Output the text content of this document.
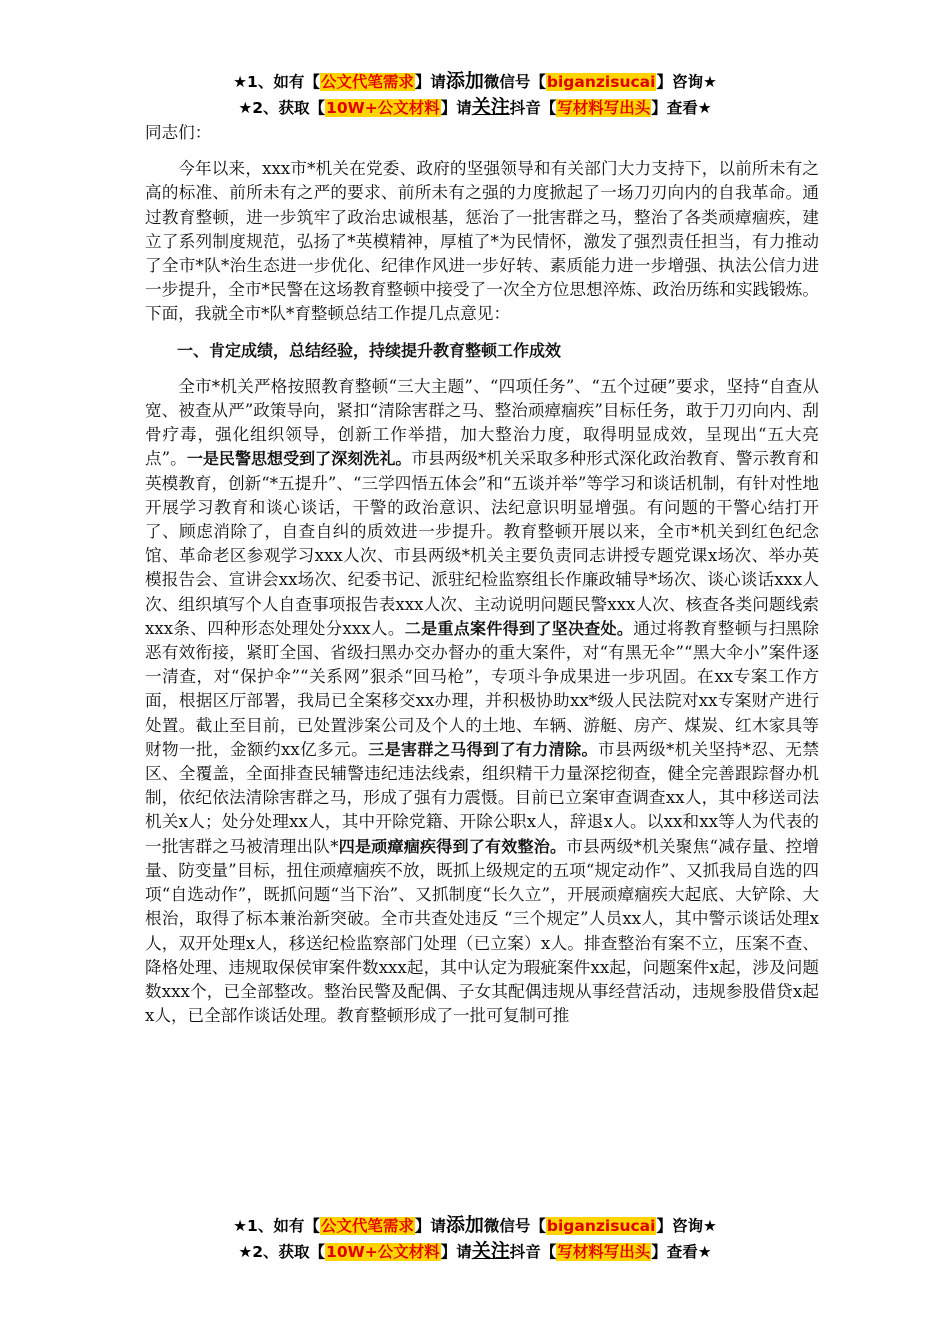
★1、如有【公文代笔需求】请添加微信号【biganzisucai】咨询★
★2、获取【10W+公文材料】请关注抖音【写材料写出头】查看★

同志们：

今年以来，xxx市*机关在党委、政府的坚强领导和有关部门大力支持下，以前所未有之高的标准、前所未有之严的要求、前所未有之强的力度掀起了一场刀刃向内的自我革命。通过教育整顿，进一步筑牢了政治忠诚根基，惩治了一批害群之马，整治了各类顽瘴痼疾，建立了系列制度规范，弘扬了*英模精神，厚植了*为民情怀，激发了强烈责任担当，有力推动了全市*队*治生态进一步优化、纪律作风进一步好转、素质能力进一步增强、执法公信力进一步提升，全市*民警在这场教育整顿中接受了一次全方位思想淬炼、政治历练和实践锻炼。下面，我就全市*队*育整顿总结工作提几点意见：

一、肯定成绩，总结经验，持续提升教育整顿工作成效

全市*机关严格按照教育整顿“三大主题”、“四项任务”、“五个过硬”要求，坚持“自查从宽、被查从严”政策导向，紧扣“清除害群之马、整治顽瘴痼疾”目标任务，敢于刀刃向内、刮骨疗毒，强化组织领导，创新工作举措，加大整治力度，取得明显成效，呈现出“五大亮点”。一是民警思想受到了深刻洗礼。市县两级*机关采取多种形式深化政治教育、警示教育和英模教育，创新“*五提升”、“三学四悟五体会”和“五谈并举”等学习和谈话机制，有针对性地开展学习教育和谈心谈话，干警的政治意识、法纪意识明显增强。有问题的干警心结打开了、顾虑消除了，自查自纠的质效进一步提升。教育整顿开展以来，全市*机关到红色纪念馆、革命老区参观学习xxx人次、市县两级*机关主要负责同志讲授专题党课x场次、举办英模报告会、宣讲会xx场次、纪委书记、派驻纪检监察组长作廉政辅导*场次、谈心谈话xxx人次、组织填写个人自查事项报告表xxx人次、主动说明问题民警xxx人次、核查各类问题线索xxx条、四种形态处理处分xxx人。二是重点案件得到了坚决查处。通过将教育整顿与扫黑除恶有效衔接，紧盯全国、省级扫黑办交办督办的重大案件，对“有黑无伞”“黑大伞小”案件逐一清查，对“保护伞”“关系网”狠杀“回马枪”，专项斗争成果进一步巩固。在xx专案工作方面，根据区厅部署，我局已全案移交xx办理，并积极协助xx*级人民法院对xx专案财产进行处置。截止至目前，已处置涉案公司及个人的土地、车辆、游艇、房产、煤炭、红木家具等财物一批，金额约xx亿多元。三是害群之马得到了有力清除。市县两级*机关坚持*忍、无禁区、全覆盖，全面排查民辅警违纪违法线索，组织精干力量深挖彻查，健全完善跟踪督办机制，依纪依法清除害群之马，形成了强有力震慑。目前已立案审查调查xx人，其中移送司法机关x人；处分处理xx人，其中开除党籍、开除公职x人，辞退x人。以xx和xx等人为代表的一批害群之马被清理出队*四是顽瘴痼疾得到了有效整治。市县两级*机关聚焦“减存量、控增量、防变量”目标，扭住顽瘴痼疾不放，既抓上级规定的五项“规定动作”、又抓我局自选的四项“自选动作”，既抓问题“当下治”、又抓制度“长久立”，开展顽瘴痼疾大起底、大铲除、大根治，取得了标本兼治新突破。全市共查处违反 “三个规定”人员xx人，其中警示谈话处理x人，双开处理x人，移送纪检监察部门处理（已立案）x人。排查整治有案不立，压案不查、降格处理、违规取保侯审案件数xxx起，其中认定为瑕疵案件xx起，问题案件x起，涉及问题数xxx个，已全部整改。整治民警及配偶、子女其配偶违规从事经营活动，违规参股借贷x起x人，已全部作谈话处理。教育整顿形成了一批可复制可推

★1、如有【公文代笔需求】请添加微信号【biganzisucai】咨询★
★2、获取【10W+公文材料】请关注抖音【写材料写出头】查看★
